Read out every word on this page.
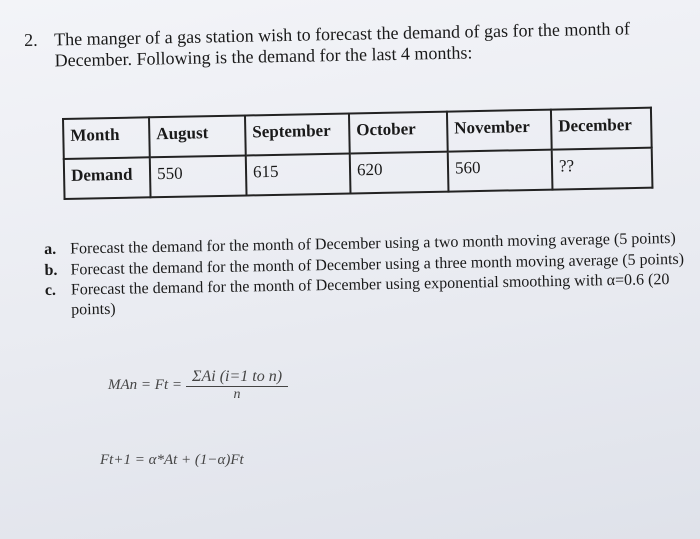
2. The manger of a gas station wish to forecast the demand of gas for the month of December. Following is the demand for the last 4 months:
Month	August	September	October	November	December
Demand	550	615	620	560	??
a. Forecast the demand for the month of December using a two month moving average (5 points)
b. Forecast the demand for the month of December using a three month moving average (5 points)
c. Forecast the demand for the month of December using exponential smoothing with α=0.6 (20 points)
MAn = $Ft = \frac{\text{ΣAi (i=1 to n)}}{n}$
Ft+1 = α*At + (1−α)Ft
